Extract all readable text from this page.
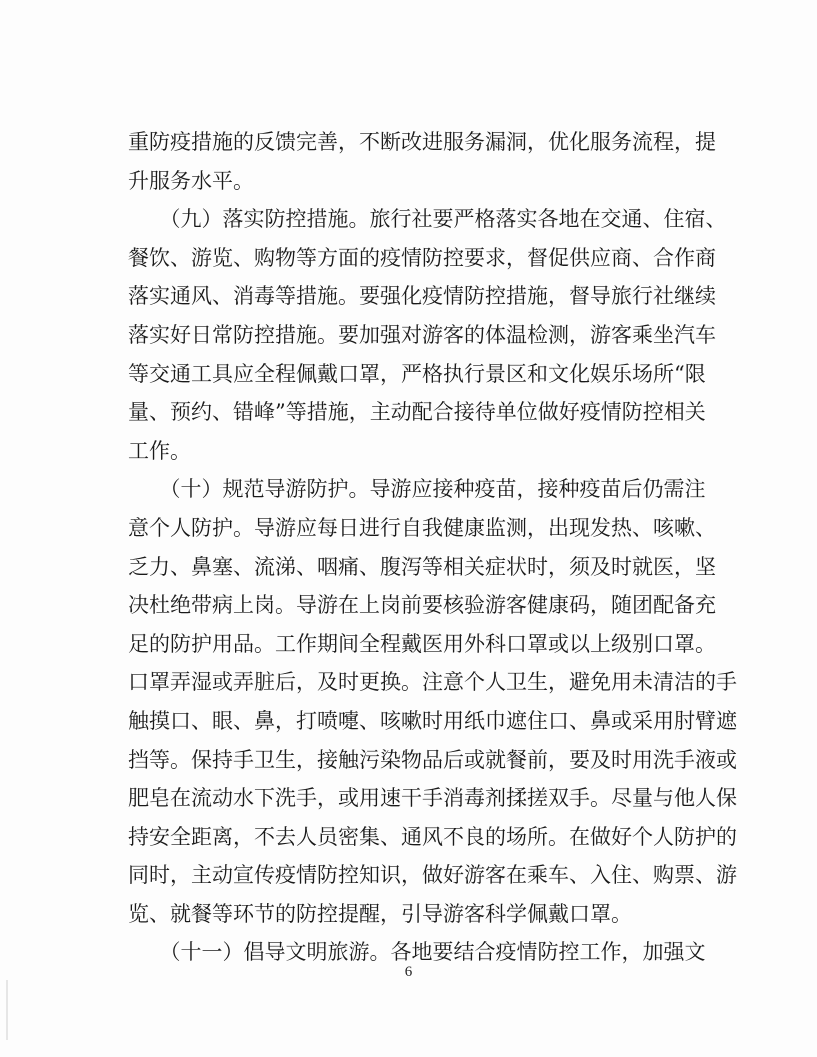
重防疫措施的反馈完善，不断改进服务漏洞，优化服务流程，提
升服务水平。
　　（九）落实防控措施。旅行社要严格落实各地在交通、住宿、
餐饮、游览、购物等方面的疫情防控要求，督促供应商、合作商
落实通风、消毒等措施。要强化疫情防控措施，督导旅行社继续
落实好日常防控措施。要加强对游客的体温检测，游客乘坐汽车
等交通工具应全程佩戴口罩，严格执行景区和文化娱乐场所“限
量、预约、错峰”等措施，主动配合接待单位做好疫情防控相关
工作。
　　（十）规范导游防护。导游应接种疫苗，接种疫苗后仍需注
意个人防护。导游应每日进行自我健康监测，出现发热、咳嗽、
乏力、鼻塞、流涕、咽痛、腹泻等相关症状时，须及时就医，坚
决杜绝带病上岗。导游在上岗前要核验游客健康码，随团配备充
足的防护用品。工作期间全程戴医用外科口罩或以上级别口罩。
口罩弄湿或弄脏后，及时更换。注意个人卫生，避免用未清洁的手
触摸口、眼、鼻，打喷嚏、咳嗽时用纸巾遮住口、鼻或采用肘臂遮
挡等。保持手卫生，接触污染物品后或就餐前，要及时用洗手液或
肥皂在流动水下洗手，或用速干手消毒剂揉搓双手。尽量与他人保
持安全距离，不去人员密集、通风不良的场所。在做好个人防护的
同时，主动宣传疫情防控知识，做好游客在乘车、入住、购票、游
览、就餐等环节的防控提醒，引导游客科学佩戴口罩。
　　（十一）倡导文明旅游。各地要结合疫情防控工作，加强文
6
